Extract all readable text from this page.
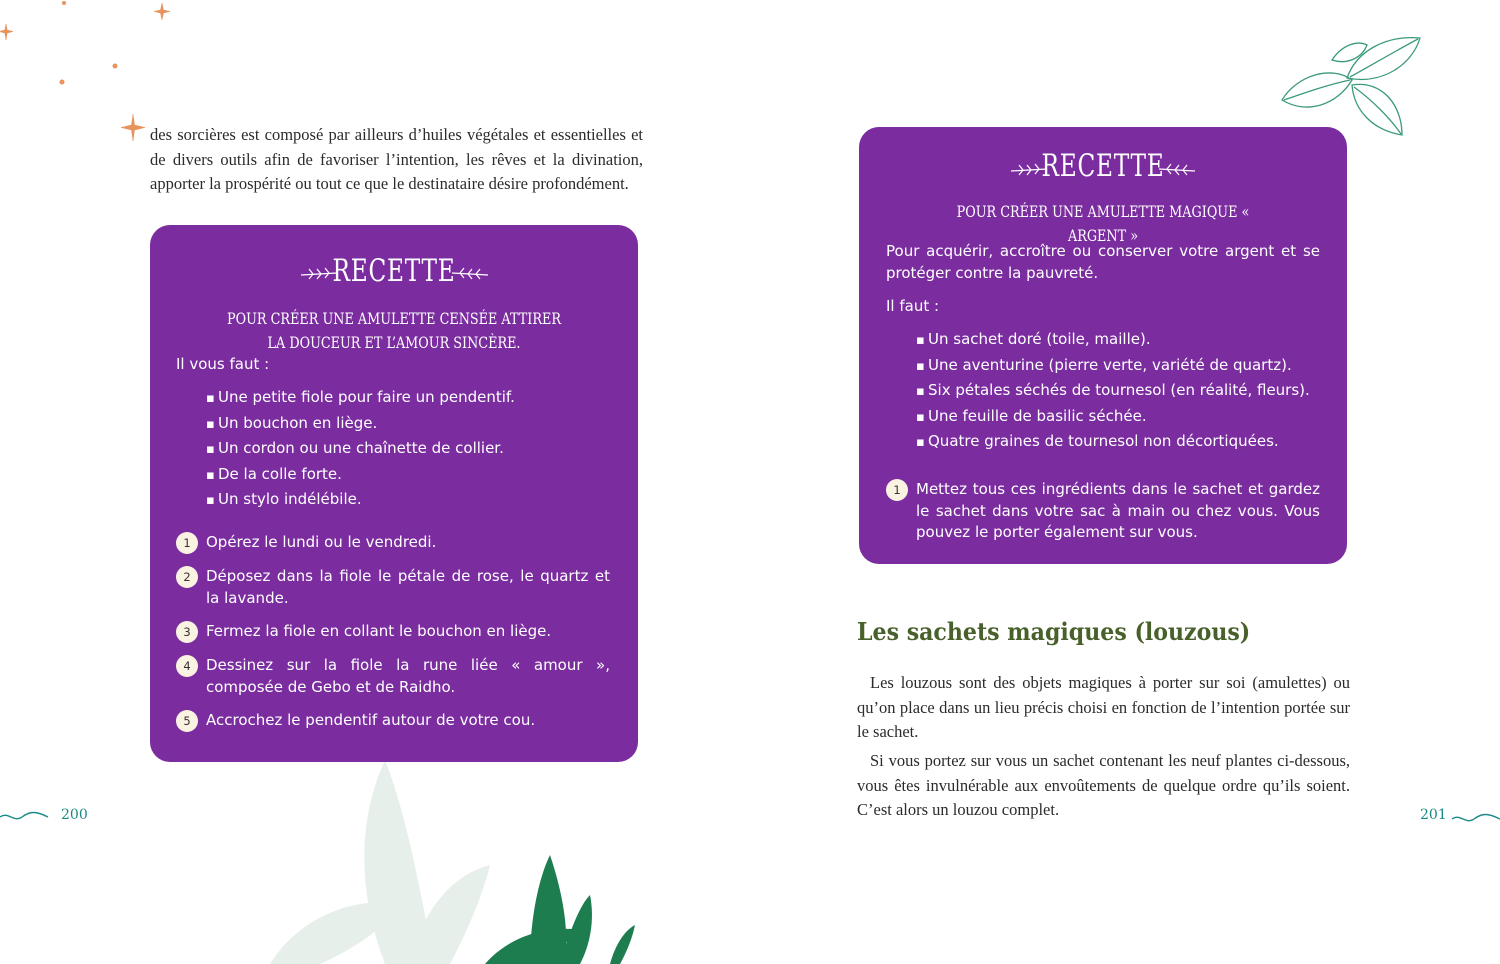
des sorcières est composé par ailleurs d’huiles végétales et essentielles et de divers outils afin de favoriser l’intention, les rêves et la divination, apporter la prospérité ou tout ce que le destinataire désire profondément.
RECETTE
POUR CRÉER UNE AMULETTE CENSÉE ATTIRER LA DOUCEUR ET L’AMOUR SINCÈRE.
Il vous faut :
▪ Une petite fiole pour faire un pendentif.
▪ Un bouchon en liège.
▪ Un cordon ou une chaînette de collier.
▪ De la colle forte.
▪ Un stylo indélébile.
1	Opérez le lundi ou le vendredi.
2	Déposez dans la fiole le pétale de rose, le quartz et la lavande.
3	Fermez la fiole en collant le bouchon en liège.
4	Dessinez sur la fiole la rune liée « amour », composée de Gebo et de Raidho.
5	Accrochez le pendentif autour de votre cou.
200
RECETTE
POUR CRÉER UNE AMULETTE MAGIQUE « ARGENT »
Pour acquérir, accroître ou conserver votre argent et se protéger contre la pauvreté.
Il faut :
▪ Un sachet doré (toile, maille).
▪ Une aventurine (pierre verte, variété de quartz).
▪ Six pétales séchés de tournesol (en réalité, fleurs).
▪ Une feuille de basilic séchée.
▪ Quatre graines de tournesol non décortiquées.
1	Mettez tous ces ingrédients dans le sachet et gardez le sachet dans votre sac à main ou chez vous. Vous pouvez le porter également sur vous.
Les sachets magiques (louzous)
Les louzous sont des objets magiques à porter sur soi (amulettes) ou qu’on place dans un lieu précis choisi en fonction de l’intention portée sur le sachet.
Si vous portez sur vous un sachet contenant les neuf plantes ci-dessous, vous êtes invulnérable aux envoûtements de quelque ordre qu’ils soient. C’est alors un louzou complet.	201
